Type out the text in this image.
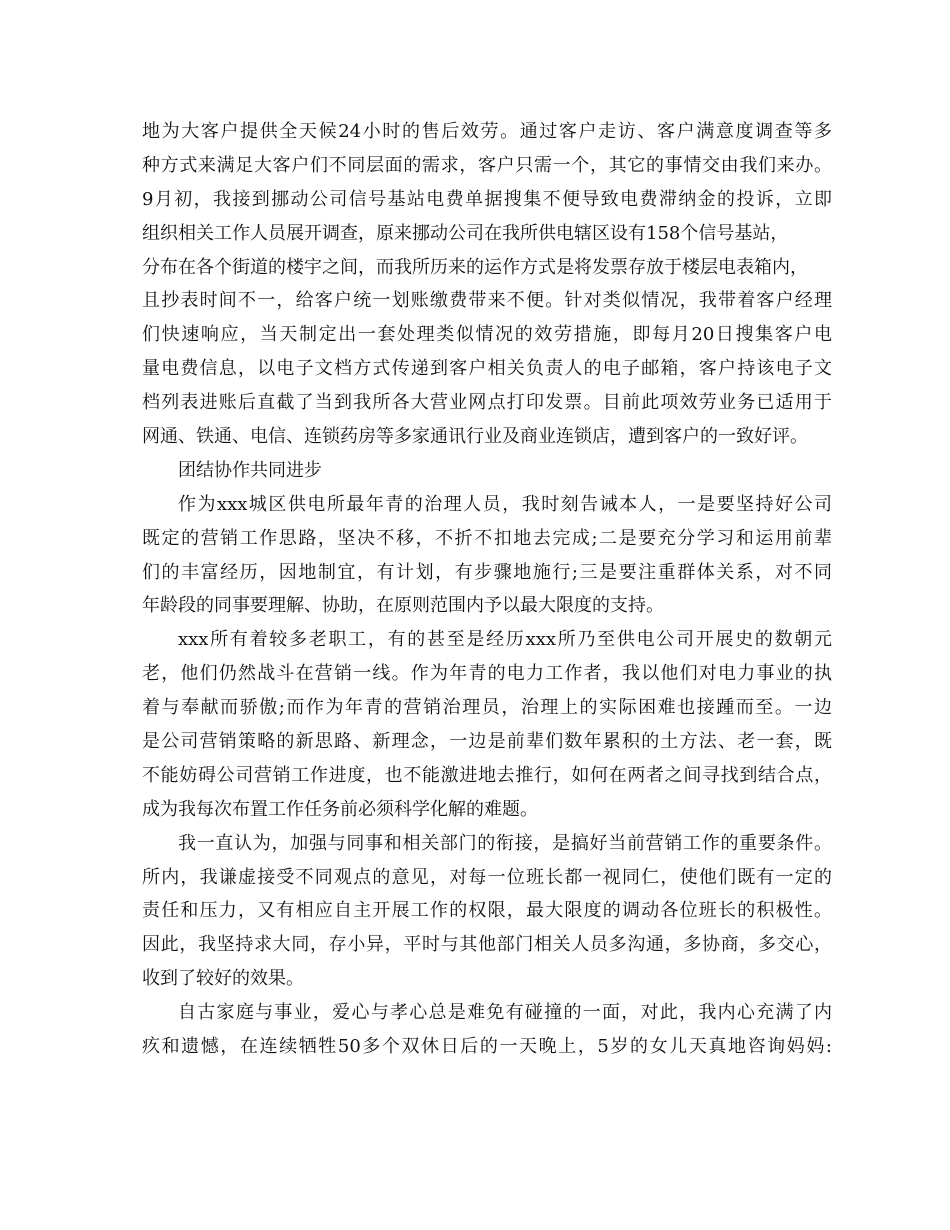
地为大客户提供全天候24小时的售后效劳。通过客户走访、客户满意度调查等多
种方式来满足大客户们不同层面的需求，客户只需一个，其它的事情交由我们来办。
9月初，我接到挪动公司信号基站电费单据搜集不便导致电费滞纳金的投诉，立即
组织相关工作人员展开调查，原来挪动公司在我所供电辖区设有158个信号基站，
分布在各个街道的楼宇之间，而我所历来的运作方式是将发票存放于楼层电表箱内，
且抄表时间不一，给客户统一划账缴费带来不便。针对类似情况，我带着客户经理
们快速响应，当天制定出一套处理类似情况的效劳措施，即每月20日搜集客户电
量电费信息，以电子文档方式传递到客户相关负责人的电子邮箱，客户持该电子文
档列表进账后直截了当到我所各大营业网点打印发票。目前此项效劳业务已适用于
网通、铁通、电信、连锁药房等多家通讯行业及商业连锁店，遭到客户的一致好评。
团结协作共同进步
作为xxx城区供电所最年青的治理人员，我时刻告诫本人，一是要坚持好公司
既定的营销工作思路，坚决不移，不折不扣地去完成;二是要充分学习和运用前辈
们的丰富经历，因地制宜，有计划，有步骤地施行;三是要注重群体关系，对不同
年龄段的同事要理解、协助，在原则范围内予以最大限度的支持。
xxx所有着较多老职工，有的甚至是经历xxx所乃至供电公司开展史的数朝元
老，他们仍然战斗在营销一线。作为年青的电力工作者，我以他们对电力事业的执
着与奉献而骄傲;而作为年青的营销治理员，治理上的实际困难也接踵而至。一边
是公司营销策略的新思路、新理念，一边是前辈们数年累积的土方法、老一套，既
不能妨碍公司营销工作进度，也不能激进地去推行，如何在两者之间寻找到结合点，
成为我每次布置工作任务前必须科学化解的难题。
我一直认为，加强与同事和相关部门的衔接，是搞好当前营销工作的重要条件。
所内，我谦虚接受不同观点的意见，对每一位班长都一视同仁，使他们既有一定的
责任和压力，又有相应自主开展工作的权限，最大限度的调动各位班长的积极性。
因此，我坚持求大同，存小异，平时与其他部门相关人员多沟通，多协商，多交心，
收到了较好的效果。
自古家庭与事业，爱心与孝心总是难免有碰撞的一面，对此，我内心充满了内
疚和遗憾，在连续牺牲50多个双休日后的一天晚上，5岁的女儿天真地咨询妈妈:
